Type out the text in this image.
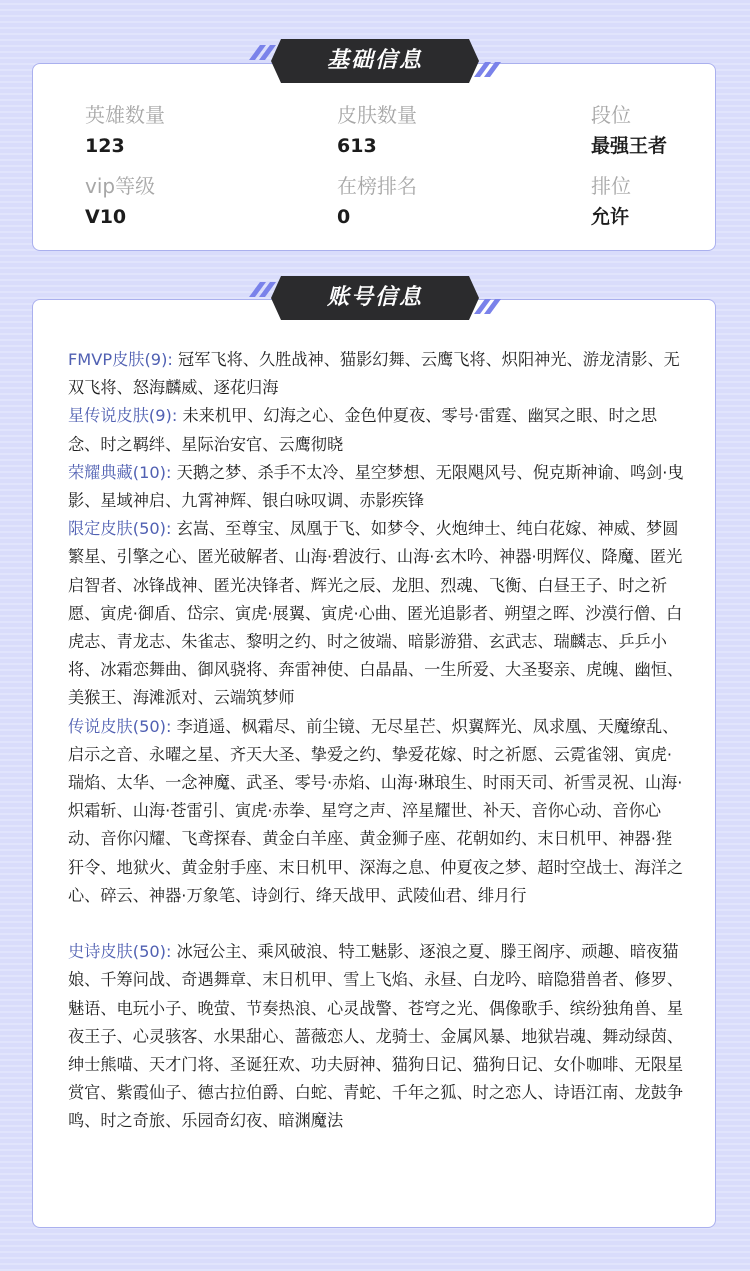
英雄数量
123
皮肤数量
613
段位
最强王者
vip等级
V10
在榜排名
0
排位
允许
基础信息

FMVP皮肤(9): 冠军飞将、久胜战神、猫影幻舞、云鹰飞将、炽阳神光、游龙清影、无双飞将、怒海麟威、逐花归海

星传说皮肤(9): 未来机甲、幻海之心、金色仲夏夜、零号·雷霆、幽冥之眼、时之思念、时之羁绊、星际治安官、云鹰彻晓

荣耀典藏(10): 天鹅之梦、杀手不太冷、星空梦想、无限飓风号、倪克斯神谕、鸣剑·曳影、星域神启、九霄神辉、银白咏叹调、赤影疾锋

限定皮肤(50): 玄嵩、至尊宝、凤凰于飞、如梦令、火炮绅士、纯白花嫁、神威、梦圆繁星、引擎之心、匿光破解者、山海·碧波行、山海·玄木吟、神器·明辉仪、降魔、匿光启智者、冰锋战神、匿光决锋者、辉光之辰、龙胆、烈魂、飞衡、白昼王子、时之祈愿、寅虎·御盾、岱宗、寅虎·展翼、寅虎·心曲、匿光追影者、朔望之晖、沙漠行僧、白虎志、青龙志、朱雀志、黎明之约、时之彼端、暗影游猎、玄武志、瑞麟志、乒乒小将、冰霜恋舞曲、御风骁将、奔雷神使、白晶晶、一生所爱、大圣娶亲、虎魄、幽恒、美猴王、海滩派对、云端筑梦师

传说皮肤(50): 李逍遥、枫霜尽、前尘镜、无尽星芒、炽翼辉光、凤求凰、天魔缭乱、启示之音、永曜之星、齐天大圣、挚爱之约、挚爱花嫁、时之祈愿、云霓雀翎、寅虎·瑞焰、太华、一念神魔、武圣、零号·赤焰、山海·琳琅生、时雨天司、祈雪灵祝、山海·炽霜斩、山海·苍雷引、寅虎·赤拳、星穹之声、淬星耀世、补天、音你心动、音你心动、音你闪耀、飞鸢探春、黄金白羊座、黄金狮子座、花朝如约、末日机甲、神器·狴犴令、地狱火、黄金射手座、末日机甲、深海之息、仲夏夜之梦、超时空战士、海洋之心、碎云、神器·万象笔、诗剑行、绛天战甲、武陵仙君、绯月行

史诗皮肤(50): 冰冠公主、乘风破浪、特工魅影、逐浪之夏、滕王阁序、顽趣、暗夜猫娘、千筹问战、奇遇舞章、末日机甲、雪上飞焰、永昼、白龙吟、暗隐猎兽者、修罗、魅语、电玩小子、晚萤、节奏热浪、心灵战警、苍穹之光、偶像歌手、缤纷独角兽、星夜王子、心灵骇客、水果甜心、蔷薇恋人、龙骑士、金属风暴、地狱岩魂、舞动绿茵、绅士熊喵、天才门将、圣诞狂欢、功夫厨神、猫狗日记、猫狗日记、女仆咖啡、无限星赏官、紫霞仙子、德古拉伯爵、白蛇、青蛇、千年之狐、时之恋人、诗语江南、龙鼓争鸣、时之奇旅、乐园奇幻夜、暗渊魔法

账号信息
